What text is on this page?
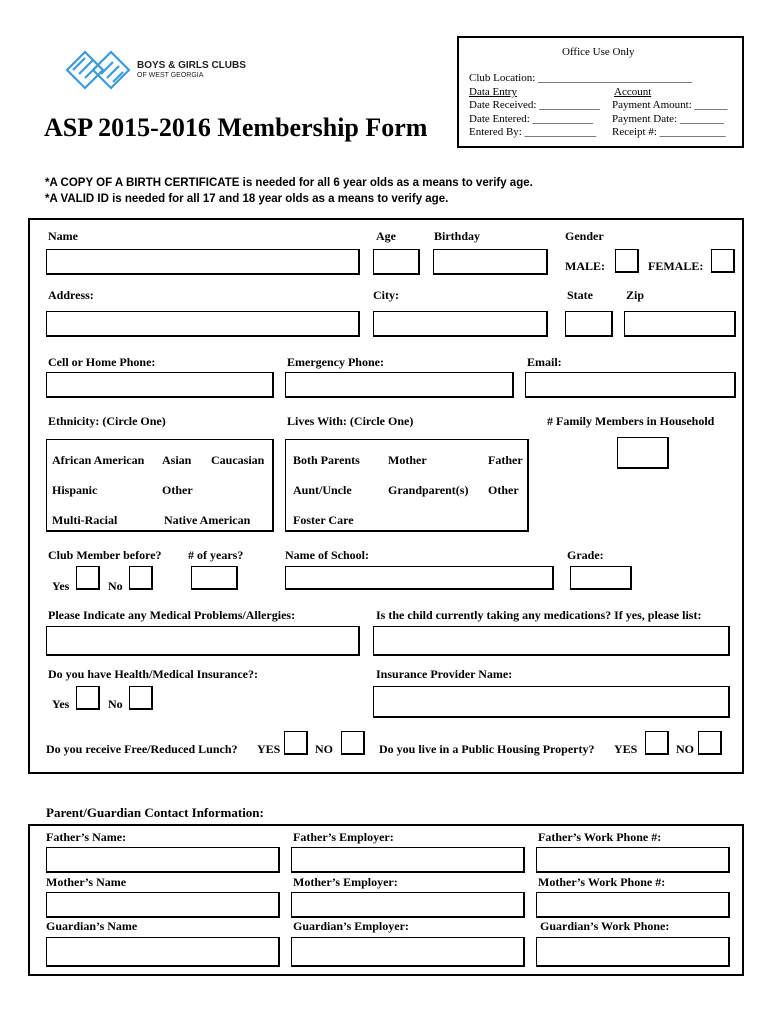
BOYS & GIRLS CLUBS
OF WEST GEORGIA
ASP 2015-2016 Membership Form
Office Use Only
Club Location: ____________________________
Data Entry	Account
Date Received: ___________ Payment Amount: ______
Date Entered: ___________ Payment Date: ________
Entered By: _____________ Receipt #: ____________
*A COPY OF A BIRTH CERTIFICATE is needed for all 6 year olds as a means to verify age.
*A VALID ID is needed for all 17 and 18 year olds as a means to verify age.
Name	Age	Birthday	Gender
MALE:	FEMALE:
Address:	City:	State	Zip
Cell or Home Phone:	Emergency Phone:	Email:
Ethnicity: (Circle One)	Lives With: (Circle One)	# Family Members in Household
African American Asian Caucasian
Hispanic	Other
Multi-Racial	Native American
Both Parents Mother	Father
Aunt/Uncle	Grandparent(s) Other
Foster Care
Club Member before? # of years?	Name of School:	Grade:
Yes	No
Please Indicate any Medical Problems/Allergies:	Is the child currently taking any medications? If yes, please list:
Do you have Health/Medical Insurance?:	Insurance Provider Name:
Yes	No
Do you receive Free/Reduced Lunch? YES	NO	Do you live in a Public Housing Property? YES	NO
Parent/Guardian Contact Information:
Father’s Name:	Father’s Employer:	Father’s Work Phone #:
Mother’s Name	Mother’s Employer:	Mother’s Work Phone #:
Guardian’s Name	Guardian’s Employer:	Guardian’s Work Phone:
